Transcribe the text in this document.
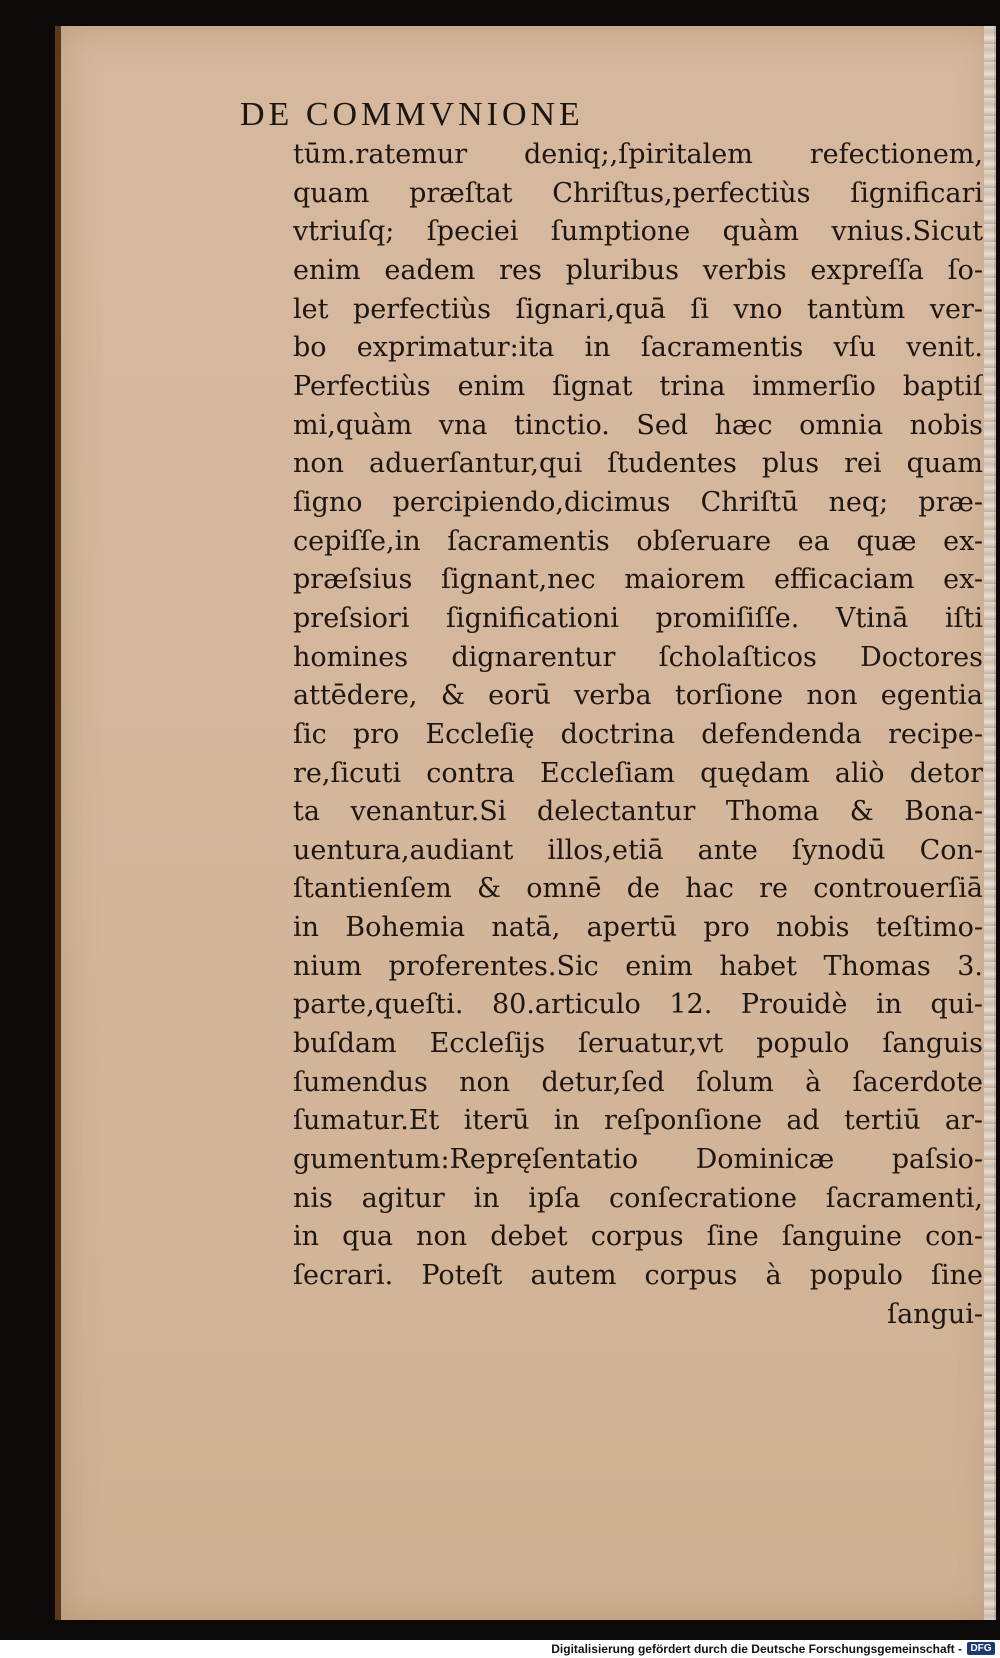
DE COMMVNIONE
tūm.ratemur deniq;,ſpiritalem refectionem,
quam præſtat Chriſtus,perfectiùs ſignificari
vtriuſq; ſpeciei ſumptione quàm vnius.Sicut
enim eadem res pluribus verbis expreſſa ſo-
let perfectiùs ſignari,quā ſi vno tantùm ver-
bo exprimatur:ita in ſacramentis vſu venit.
Perfectiùs enim ſignat trina immerſio baptiſ
mi,quàm vna tinctio. Sed hæc omnia nobis
non aduerſantur,qui ſtudentes plus rei quam
ſigno percipiendo,dicimus Chriſtū neq; præ-
cepiſſe,in ſacramentis obſeruare ea quæ ex-
præſsius ſignant,nec maiorem efficaciam ex-
preſsiori ſignificationi promiſiſſe. Vtinā iſti
homines dignarentur ſcholaſticos Doctores
attēdere, & eorū verba torſione non egentia
ſic pro Eccleſię doctrina defendenda recipe-
re,ſicuti contra Eccleſiam quędam aliò detor
ta venantur.Si delectantur Thoma & Bona-
uentura,audiant illos,etiā ante ſynodū Con-
ſtantienſem & omnē de hac re controuerſiā
in Bohemia natā, apertū pro nobis teſtimo-
nium proferentes.Sic enim habet Thomas 3.
parte,queſti. 80.articulo 12. Prouidè in qui-
buſdam Eccleſijs ſeruatur,vt populo ſanguis
ſumendus non detur,ſed ſolum à ſacerdote
ſumatur.Et iterū in reſponſione ad tertiū ar-
gumentum:Repręſentatio Dominicæ paſsio-
nis agitur in ipſa conſecratione ſacramenti,
in qua non debet corpus ſine ſanguine con-
ſecrari. Poteſt autem corpus à populo ſine
ſangui-
Digitalisierung gefördert durch die Deutsche Forschungsgemeinschaft - DFG
